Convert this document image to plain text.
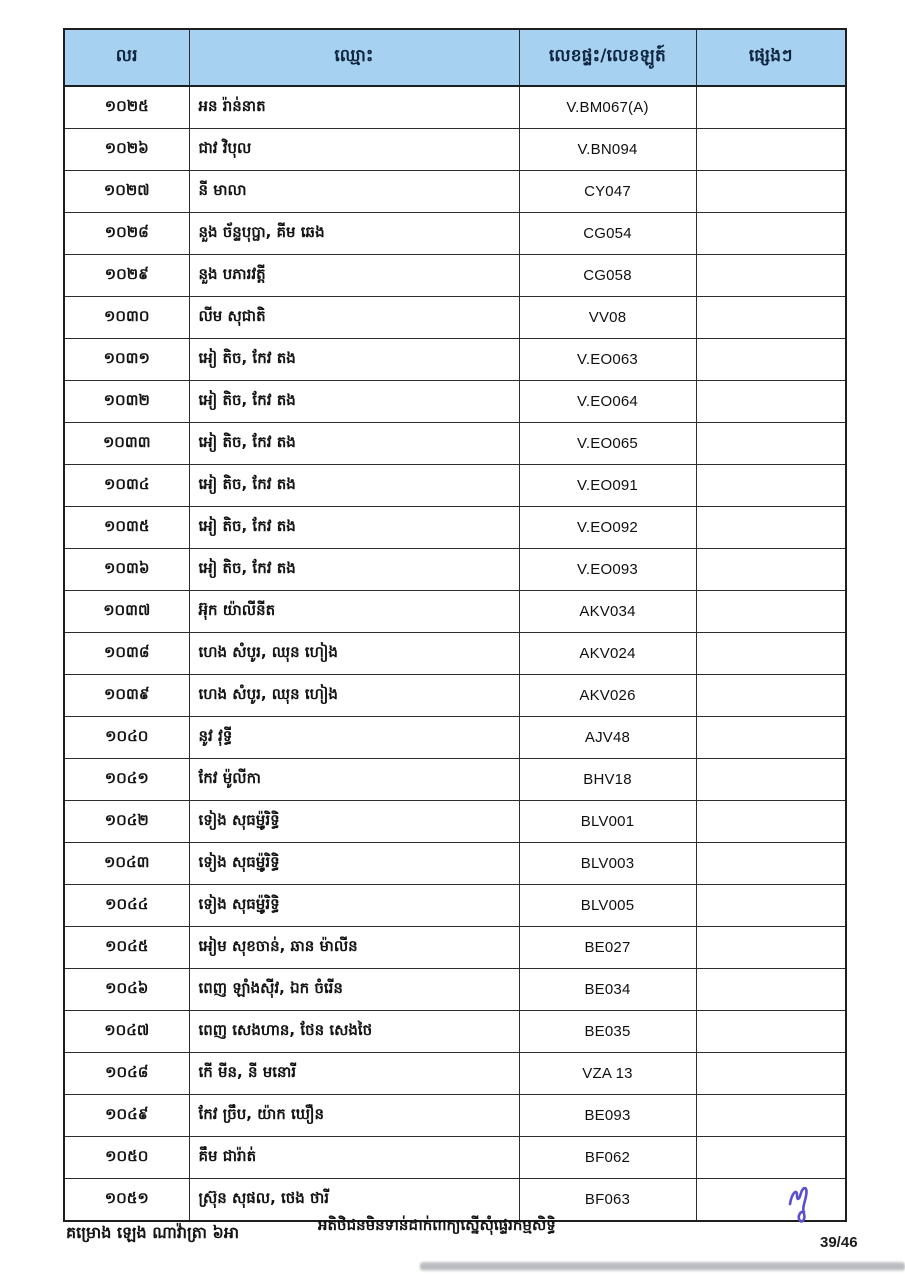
លរ	ឈ្មោះ	លេខផ្ទះ/លេខឡូត៍	ផ្សេងៗ
១០២៥	អន រ៉ាន់នាត	V.BM067(A)	
១០២៦	ជាវ វិបុល	V.BN094	
១០២៧	នី មាលា	CY047	
១០២៨	នួង ច័ន្ទបុប្ផា, គីម ឆេង	CG054	
១០២៩	នួង បភារវត្តី	CG058	
១០៣០	លីម សុជាតិ	VV08	
១០៣១	អៀ តិច, កែវ តង	V.EO063	
១០៣២	អៀ តិច, កែវ តង	V.EO064	
១០៣៣	អៀ តិច, កែវ តង	V.EO065	
១០៣៤	អៀ តិច, កែវ តង	V.EO091	
១០៣៥	អៀ តិច, កែវ តង	V.EO092	
១០៣៦	អៀ តិច, កែវ តង	V.EO093	
១០៣៧	អ៊ុក យ៉ាលីនីត	AKV034	
១០៣៨	ហេង សំបូរ, ឈុន ហៀង	AKV024	
១០៣៩	ហេង សំបូរ, ឈុន ហៀង	AKV026	
១០៤០	នូវ វុទ្ធី	AJV48	
១០៤១	កែវ ម៉ូលីកា	BHV18	
១០៤២	ទៀង សុធម្ម៉ូរិទ្ធិ	BLV001	
១០៤៣	ទៀង សុធម្ម៉ូរិទ្ធិ	BLV003	
១០៤៤	ទៀង សុធម្ម៉ូរិទ្ធិ	BLV005	
១០៤៥	អៀម សុខចាន់, ឆាន ម៉ាលីន	BE027	
១០៤៦	ពេញ ឡាំងស៊ីវ, ឯក ចំរើន	BE034	
១០៤៧	ពេញ សេងហាន, ថែន សេងថៃ	BE035	
១០៤៨	កើ មីន, នី មនោរី	VZA 13	
១០៤៩	កែវ ច្រឹប, យ៉ាក ឃឿន	BE093	
១០៥០	គឹម ជារ៉ាត់	BF062	
១០៥១	ស្រ៊ុន សុផល, ថេង ថារី	BF063	
គម្រោង ឡេង ណាវ៉ាត្រា ៦អា	អតិថិជនមិនទាន់ដាក់ពាក្យស្នើសុំផ្ទេរកម្មសិទ្ធិ
39/46
